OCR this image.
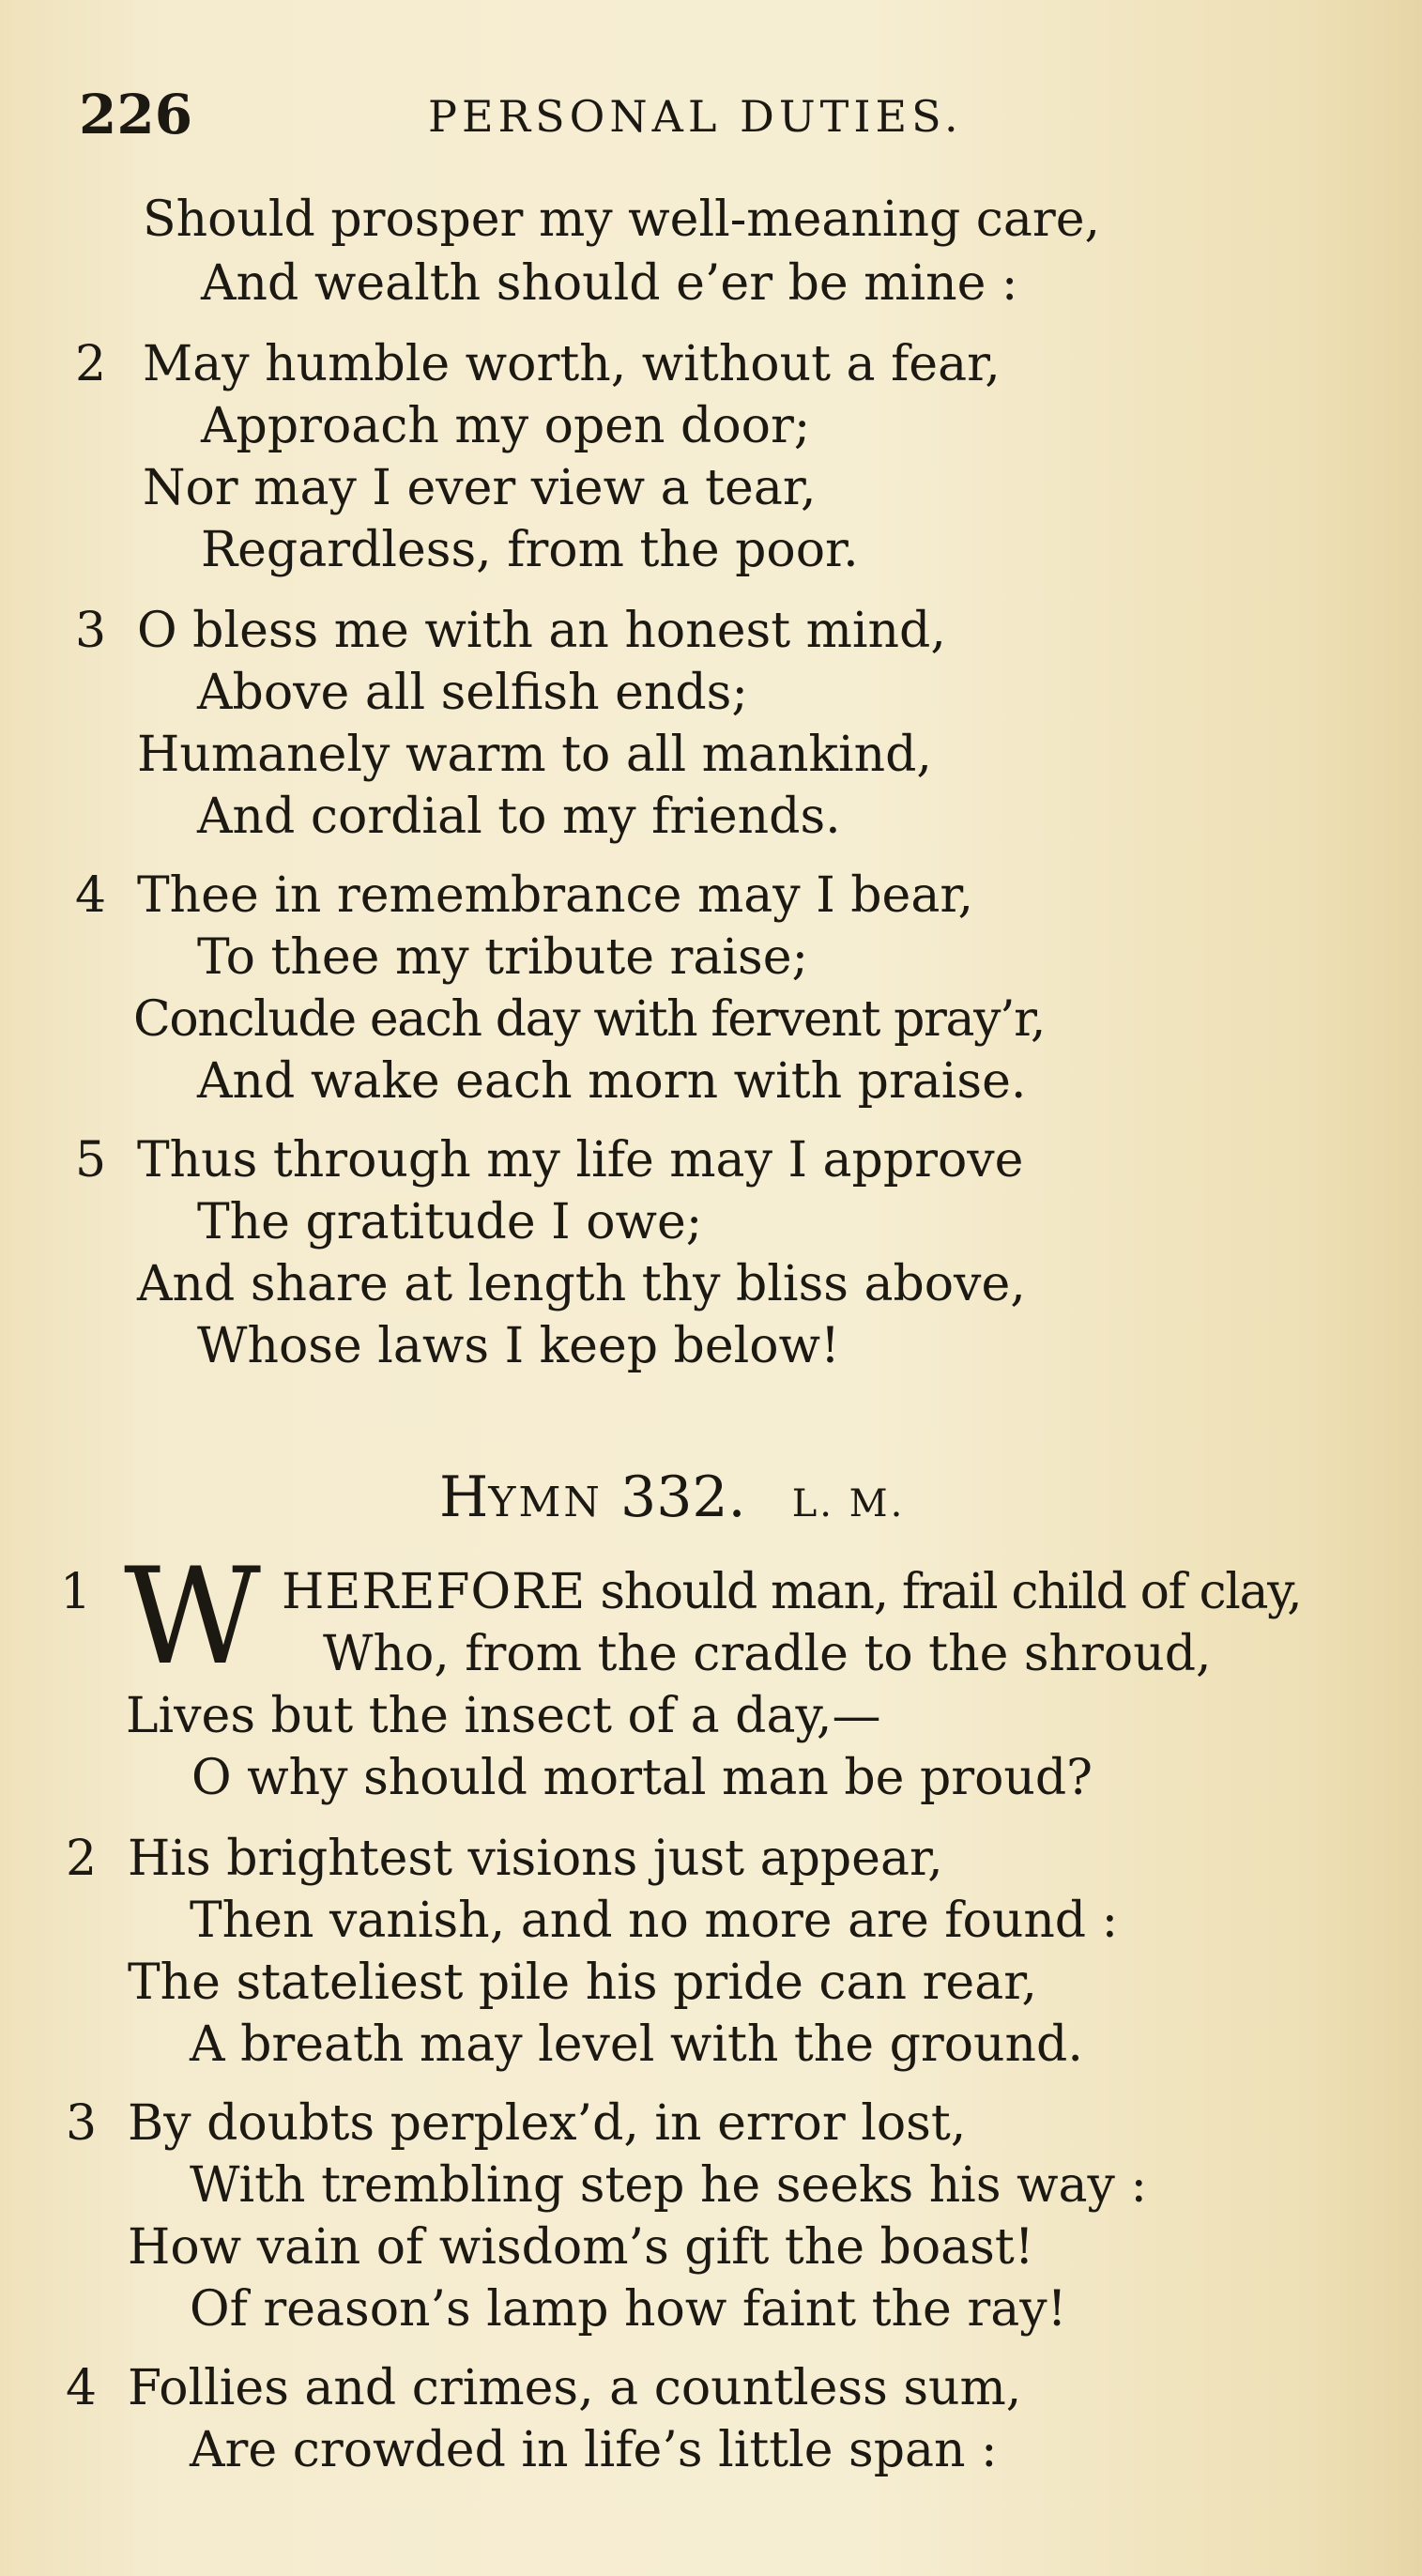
226	PERSONAL DUTIES.
Should prosper my well-meaning care,
And wealth should e’er be mine :
2 May humble worth, without a fear,
Approach my open door;
Nor may I ever view a tear,
Regardless, from the poor.
3 O bless me with an honest mind,
Above all selfish ends;
Humanely warm to all mankind,
And cordial to my friends.
4 Thee in remembrance may I bear,
To thee my tribute raise;
Conclude each day with fervent pray’r,
And wake each morn with praise.
5 Thus through my life may I approve
The gratitude I owe;
And share at length thy bliss above,
Whose laws I keep below!
HYMN 332. L. M.
1 W HEREFORE should man, frail child of clay,
Who, from the cradle to the shroud,
Lives but the insect of a day,—
O why should mortal man be proud?
2 His brightest visions just appear,
Then vanish, and no more are found :
The stateliest pile his pride can rear,
A breath may level with the ground.
3 By doubts perplex’d, in error lost,
With trembling step he seeks his way :
How vain of wisdom’s gift the boast!
Of reason’s lamp how faint the ray!
4 Follies and crimes, a countless sum,
Are crowded in life’s little span :
